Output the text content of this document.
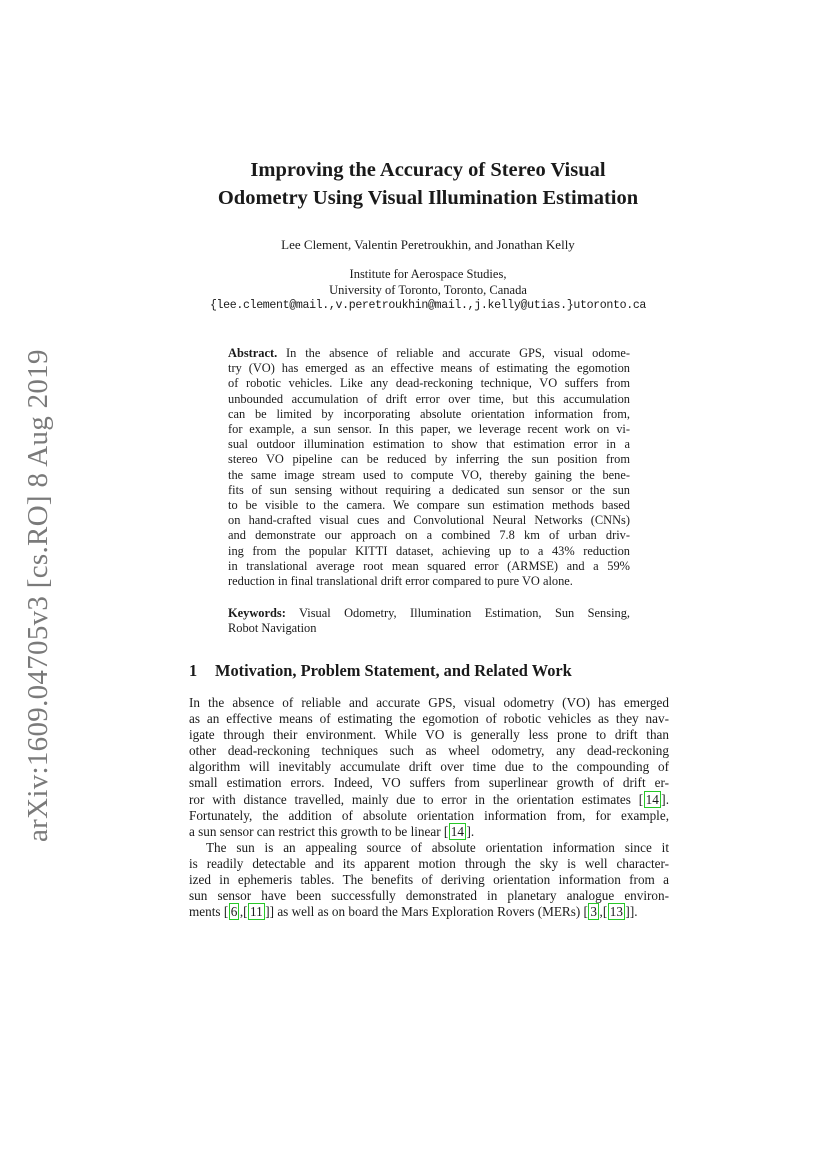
arXiv:1609.04705v3 [cs.RO] 8 Aug 2019
Improving the Accuracy of Stereo Visual
Odometry Using Visual Illumination Estimation
Lee Clement, Valentin Peretroukhin, and Jonathan Kelly
Institute for Aerospace Studies,
University of Toronto, Toronto, Canada
{lee.clement@mail.,v.peretroukhin@mail.,j.kelly@utias.}utoronto.ca
Abstract. In the absence of reliable and accurate GPS, visual odome-
try (VO) has emerged as an effective means of estimating the egomotion
of robotic vehicles. Like any dead-reckoning technique, VO suffers from
unbounded accumulation of drift error over time, but this accumulation
can be limited by incorporating absolute orientation information from,
for example, a sun sensor. In this paper, we leverage recent work on vi-
sual outdoor illumination estimation to show that estimation error in a
stereo VO pipeline can be reduced by inferring the sun position from
the same image stream used to compute VO, thereby gaining the bene-
fits of sun sensing without requiring a dedicated sun sensor or the sun
to be visible to the camera. We compare sun estimation methods based
on hand-crafted visual cues and Convolutional Neural Networks (CNNs)
and demonstrate our approach on a combined 7.8 km of urban driv-
ing from the popular KITTI dataset, achieving up to a 43% reduction
in translational average root mean squared error (ARMSE) and a 59%
reduction in final translational drift error compared to pure VO alone.
Keywords: Visual Odometry, Illumination Estimation, Sun Sensing,
Robot Navigation
1 Motivation, Problem Statement, and Related Work
In the absence of reliable and accurate GPS, visual odometry (VO) has emerged
as an effective means of estimating the egomotion of robotic vehicles as they nav-
igate through their environment. While VO is generally less prone to drift than
other dead-reckoning techniques such as wheel odometry, any dead-reckoning
algorithm will inevitably accumulate drift over time due to the compounding of
small estimation errors. Indeed, VO suffers from superlinear growth of drift er-
ror with distance travelled, mainly due to error in the orientation estimates [ 14 ].
Fortunately, the addition of absolute orientation information from, for example,
a sun sensor can restrict this growth to be linear [ 14 ].
The sun is an appealing source of absolute orientation information since it
is readily detectable and its apparent motion through the sky is well character-
ized in ephemeris tables. The benefits of deriving orientation information from a
sun sensor have been successfully demonstrated in planetary analogue environ-
ments [ 6 ,[ 11 ]] as well as on board the Mars Exploration Rovers (MERs) [ 3 ,[ 13 ]].
